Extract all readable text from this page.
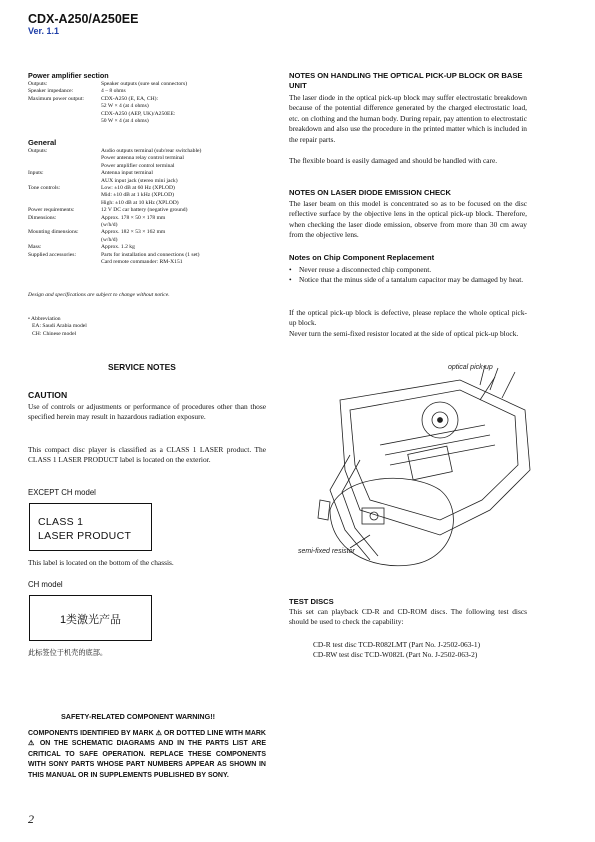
CDX-A250/A250EE
Ver. 1.1
Power amplifier section
Outputs:	Speaker outputs (sure seal connectors)
Speaker impedance:	4 – 8 ohms
Maximum power output:	CDX-A250 (E, EA, CH):
52 W × 4 (at 4 ohms)
CDX-A250 (AEP, UK)/A250EE:
50 W × 4 (at 4 ohms)
General
Outputs:	Audio outputs terminal (sub/rear switchable)
Power antenna relay control terminal
Power amplifier control terminal
Inputs:	Antenna input terminal
AUX input jack (stereo mini jack)
Tone controls:	Low: ±10 dB at 60 Hz (XPLOD)
Mid: ±10 dB at 1 kHz (XPLOD)
High: ±10 dB at 10 kHz (XPLOD)
Power requirements:	12 V DC car battery (negative ground)
Dimensions:	Approx. 178 × 50 × 178 mm
(w/h/d)
Mounting dimensions:	Approx. 182 × 53 × 162 mm
(w/h/d)
Mass:	Approx. 1.2 kg
Supplied accessories:	Parts for installation and connections (1 set)
Card remote commander: RM-X151
Design and specifications are subject to change without notice.
• Abbreviation
EA: Saudi Arabia model
CH: Chinese model
SERVICE NOTES
CAUTION
Use of controls or adjustments or performance of procedures other than those specified herein may result in hazardous radiation exposure.
This compact disc player is classified as a CLASS 1 LASER product. The CLASS 1 LASER PRODUCT label is located on the exterior.
EXCEPT CH model
CLASS 1
LASER PRODUCT
This label is located on the bottom of the chassis.
CH model
1类激光产品
此标签位于机壳的底部。
SAFETY-RELATED COMPONENT WARNING!!
COMPONENTS IDENTIFIED BY MARK ⚠ OR DOTTED LINE WITH MARK ⚠ ON THE SCHEMATIC DIAGRAMS AND IN THE PARTS LIST ARE CRITICAL TO SAFE OPERATION. REPLACE THESE COMPONENTS WITH SONY PARTS WHOSE PART NUMBERS APPEAR AS SHOWN IN THIS MANUAL OR IN SUPPLEMENTS PUBLISHED BY SONY.
2
NOTES ON HANDLING THE OPTICAL PICK-UP BLOCK OR BASE UNIT
The laser diode in the optical pick-up block may suffer electrostatic breakdown because of the potential difference generated by the charged electrostatic load, etc. on clothing and the human body. During repair, pay attention to electrostatic breakdown and also use the procedure in the printed matter which is included in the repair parts.
The flexible board is easily damaged and should be handled with care.
NOTES ON LASER DIODE EMISSION CHECK
The laser beam on this model is concentrated so as to be focused on the disc reflective surface by the objective lens in the optical pick-up block. Therefore, when checking the laser diode emission, observe from more than 30 cm away from the objective lens.
Notes on Chip Component Replacement
• Never reuse a disconnected chip component.
• Notice that the minus side of a tantalum capacitor may be damaged by heat.
If the optical pick-up block is defective, please replace the whole optical pick-up block.
Never turn the semi-fixed resistor located at the side of optical pick-up block.
optical pick-up
semi-fixed resistor
TEST DISCS
This set can playback CD-R and CD-ROM discs. The following test discs should be used to check the capability:
CD-R test disc TCD-R082LMT (Part No. J-2502-063-1)
CD-RW test disc TCD-W082L (Part No. J-2502-063-2)
